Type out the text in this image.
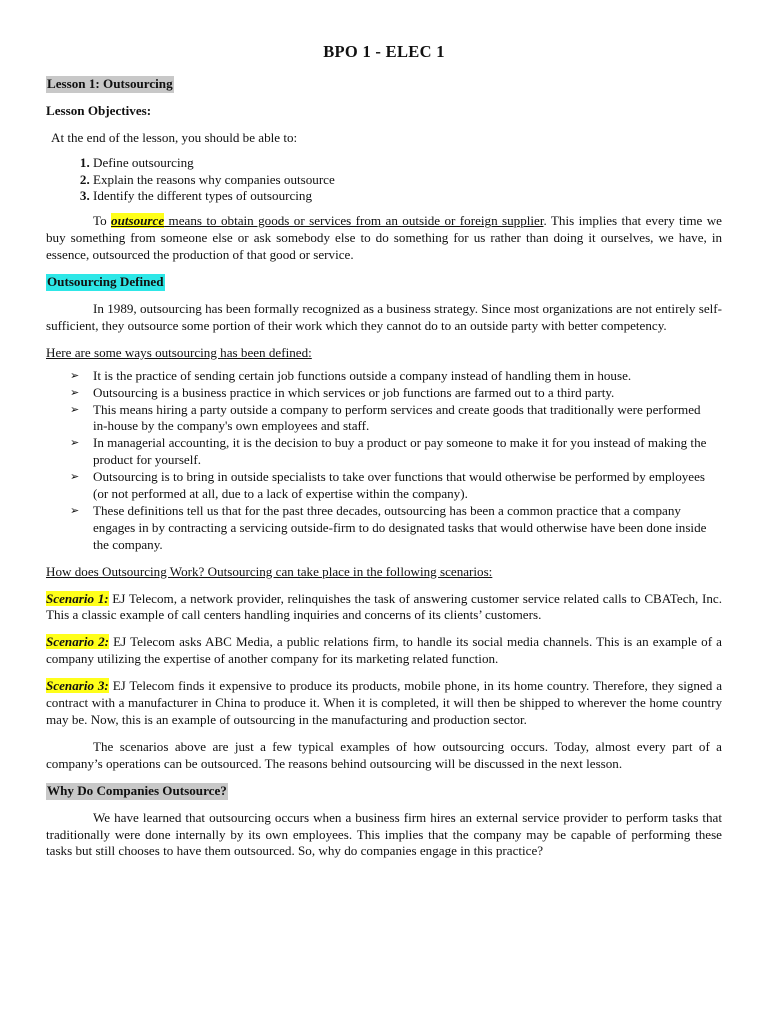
BPO 1 - ELEC 1

Lesson 1: Outsourcing

Lesson Objectives:

At the end of the lesson, you should be able to:

1. Define outsourcing
2. Explain the reasons why companies outsource
3. Identify the different types of outsourcing

To outsource means to obtain goods or services from an outside or foreign supplier. This implies that every time we buy something from someone else or ask somebody else to do something for us rather than doing it ourselves, we have, in essence, outsourced the production of that good or service.

Outsourcing Defined

In 1989, outsourcing has been formally recognized as a business strategy. Since most organizations are not entirely self-sufficient, they outsource some portion of their work which they cannot do to an outside party with better competency.

Here are some ways outsourcing has been defined:

➢ It is the practice of sending certain job functions outside a company instead of handling them in house.
➢ Outsourcing is a business practice in which services or job functions are farmed out to a third party.
➢ This means hiring a party outside a company to perform services and create goods that traditionally were performed in-house by the company's own employees and staff.
➢ In managerial accounting, it is the decision to buy a product or pay someone to make it for you instead of making the product for yourself.
➢ Outsourcing is to bring in outside specialists to take over functions that would otherwise be performed by employees (or not performed at all, due to a lack of expertise within the company).
➢ These definitions tell us that for the past three decades, outsourcing has been a common practice that a company engages in by contracting a servicing outside-firm to do designated tasks that would otherwise have been done inside the company.

How does Outsourcing Work? Outsourcing can take place in the following scenarios:

Scenario 1: EJ Telecom, a network provider, relinquishes the task of answering customer service related calls to CBATech, Inc. This a classic example of call centers handling inquiries and concerns of its clients’ customers.

Scenario 2: EJ Telecom asks ABC Media, a public relations firm, to handle its social media channels. This is an example of a company utilizing the expertise of another company for its marketing related function.

Scenario 3: EJ Telecom finds it expensive to produce its products, mobile phone, in its home country. Therefore, they signed a contract with a manufacturer in China to produce it. When it is completed, it will then be shipped to wherever the home country may be. Now, this is an example of outsourcing in the manufacturing and production sector.

The scenarios above are just a few typical examples of how outsourcing occurs. Today, almost every part of a company’s operations can be outsourced. The reasons behind outsourcing will be discussed in the next lesson.

Why Do Companies Outsource?

We have learned that outsourcing occurs when a business firm hires an external service provider to perform tasks that traditionally were done internally by its own employees. This implies that the company may be capable of performing these tasks but still chooses to have them outsourced. So, why do companies engage in this practice?
